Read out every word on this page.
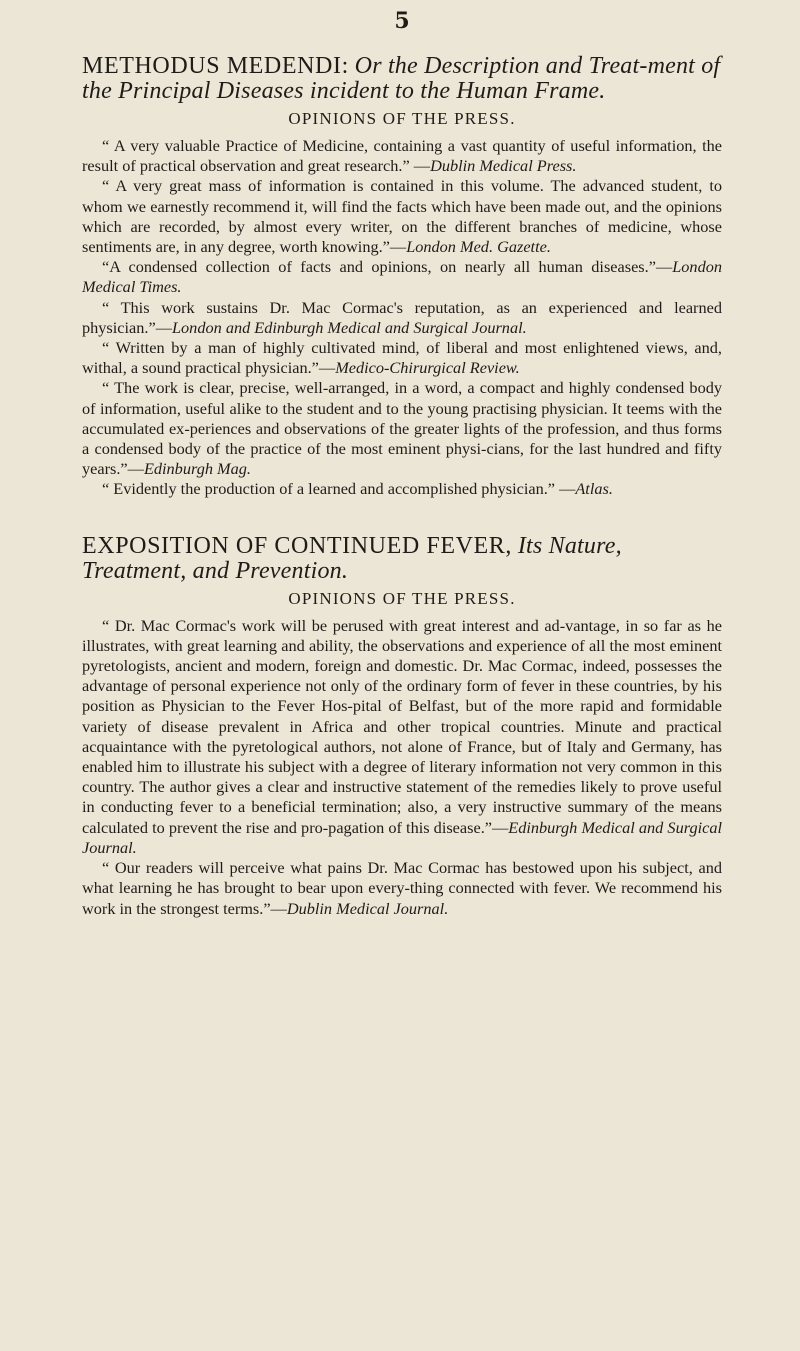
5

METHODUS MEDENDI: Or the Description and Treat-ment of the Principal Diseases incident to the Human Frame.

OPINIONS OF THE PRESS.

“ A very valuable Practice of Medicine, containing a vast quantity of useful information, the result of practical observation and great research.” —Dublin Medical Press.

“ A very great mass of information is contained in this volume. The advanced student, to whom we earnestly recommend it, will find the facts which have been made out, and the opinions which are recorded, by almost every writer, on the different branches of medicine, whose sentiments are, in any degree, worth knowing.”—London Med. Gazette.

“A condensed collection of facts and opinions, on nearly all human diseases.”—London Medical Times.

“ This work sustains Dr. Mac Cormac's reputation, as an experienced and learned physician.”—London and Edinburgh Medical and Surgical Journal.

“ Written by a man of highly cultivated mind, of liberal and most enlightened views, and, withal, a sound practical physician.”—Medico-Chirurgical Review.

“ The work is clear, precise, well-arranged, in a word, a compact and highly condensed body of information, useful alike to the student and to the young practising physician. It teems with the accumulated ex-periences and observations of the greater lights of the profession, and thus forms a condensed body of the practice of the most eminent physi-cians, for the last hundred and fifty years.”—Edinburgh Mag.

“ Evidently the production of a learned and accomplished physician.” —Atlas.

EXPOSITION OF CONTINUED FEVER, Its Nature, Treatment, and Prevention.

OPINIONS OF THE PRESS.

“ Dr. Mac Cormac's work will be perused with great interest and ad-vantage, in so far as he illustrates, with great learning and ability, the observations and experience of all the most eminent pyretologists, ancient and modern, foreign and domestic. Dr. Mac Cormac, indeed, possesses the advantage of personal experience not only of the ordinary form of fever in these countries, by his position as Physician to the Fever Hos-pital of Belfast, but of the more rapid and formidable variety of disease prevalent in Africa and other tropical countries. Minute and practical acquaintance with the pyretological authors, not alone of France, but of Italy and Germany, has enabled him to illustrate his subject with a degree of literary information not very common in this country. The author gives a clear and instructive statement of the remedies likely to prove useful in conducting fever to a beneficial termination; also, a very instructive summary of the means calculated to prevent the rise and pro-pagation of this disease.”—Edinburgh Medical and Surgical Journal.

“ Our readers will perceive what pains Dr. Mac Cormac has bestowed upon his subject, and what learning he has brought to bear upon every-thing connected with fever. We recommend his work in the strongest terms.”—Dublin Medical Journal.
